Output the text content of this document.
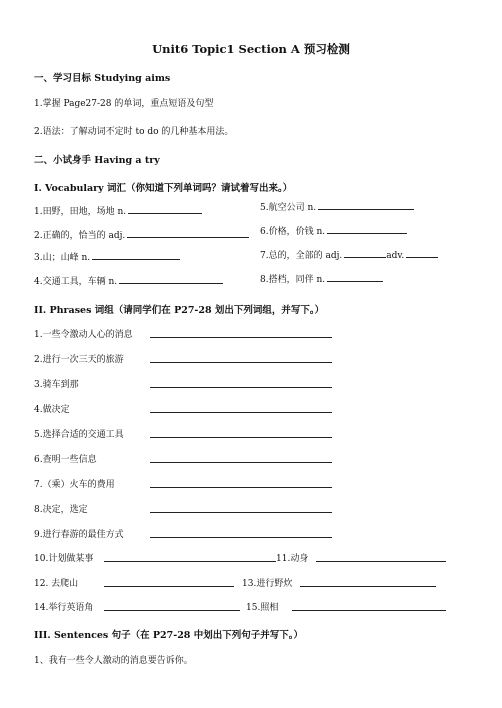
Unit6 Topic1 Section A 预习检测
一、学习目标 Studying aims
1.掌握 Page27-28 的单词，重点短语及句型
2.语法：了解动词不定时 to do 的几种基本用法。
二、小试身手 Having a try
I. Vocabulary 词汇（你知道下列单词吗？请试着写出来。）
1.田野，田地，场地 n.
2.正确的，恰当的 adj.
3.山；山峰 n.
4.交通工具，车辆 n.
5.航空公司 n.
6.价格，价钱 n.
7.总的，全部的 adj.	adv.
8.搭档，同伴 n.
II. Phrases 词组（请同学们在 P27-28 划出下列词组，并写下。）
1.一些令激动人心的消息
2.进行一次三天的旅游
3.骑车到那
4.做决定
5.选择合适的交通工具
6.查明一些信息
7.（乘）火车的费用
8.决定，选定
9.进行春游的最佳方式
10.计划做某事	11.动身
12. 去爬山	13.进行野炊
14.举行英语角	15.照相
III. Sentences 句子（在 P27-28 中划出下列句子并写下。）
1、我有一些令人激动的消息要告诉你。
